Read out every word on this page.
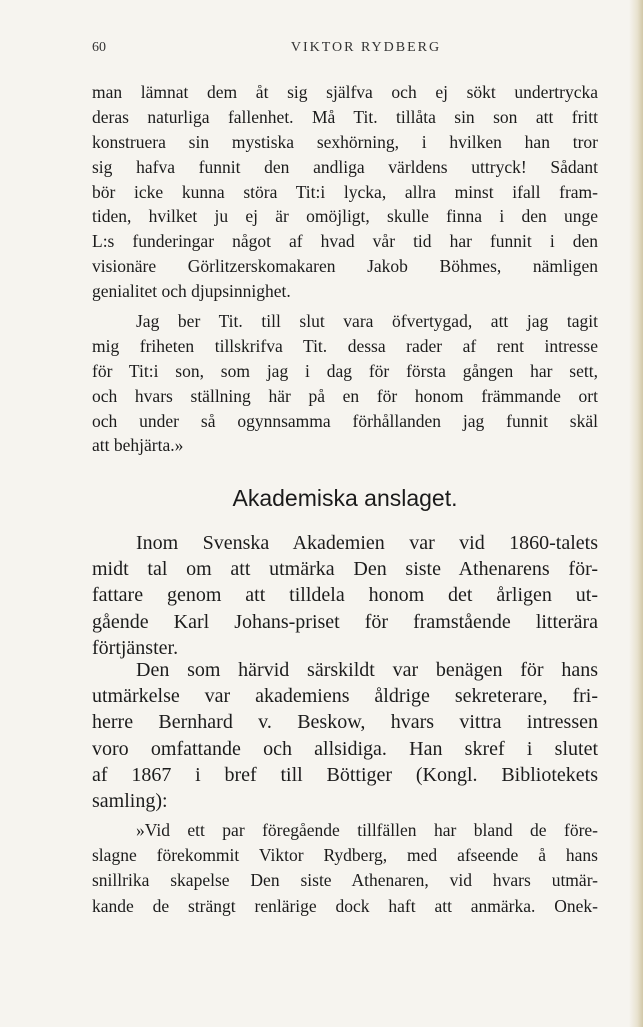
60	VIKTOR RYDBERG
man lämnat dem åt sig själfva och ej sökt undertrycka
deras naturliga fallenhet. Må Tit. tillåta sin son att fritt
konstruera sin mystiska sexhörning, i hvilken han tror
sig hafva funnit den andliga världens uttryck! Sådant
bör icke kunna störa Tit:i lycka, allra minst ifall fram-
tiden, hvilket ju ej är omöjligt, skulle finna i den unge
L:s funderingar något af hvad vår tid har funnit i den
visionäre Görlitzerskomakaren Jakob Böhmes, nämligen
genialitet och djupsinnighet.
Jag ber Tit. till slut vara öfvertygad, att jag tagit
mig friheten tillskrifva Tit. dessa rader af rent intresse
för Tit:i son, som jag i dag för första gången har sett,
och hvars ställning här på en för honom främmande ort
och under så ogynnsamma förhållanden jag funnit skäl
att behjärta.»
Akademiska anslaget.
Inom Svenska Akademien var vid 1860-talets
midt tal om att utmärka Den siste Athenarens för-
fattare genom att tilldela honom det årligen ut-
gående Karl Johans-priset för framstående litterära
förtjänster.
Den som härvid särskildt var benägen för hans
utmärkelse var akademiens åldrige sekreterare, fri-
herre Bernhard v. Beskow, hvars vittra intressen
voro omfattande och allsidiga. Han skref i slutet
af 1867 i bref till Böttiger (Kongl. Bibliotekets
samling):
»Vid ett par föregående tillfällen har bland de före-
slagne förekommit Viktor Rydberg, med afseende å hans
snillrika skapelse Den siste Athenaren, vid hvars utmär-
kande de strängt renlärige dock haft att anmärka. Onek-
